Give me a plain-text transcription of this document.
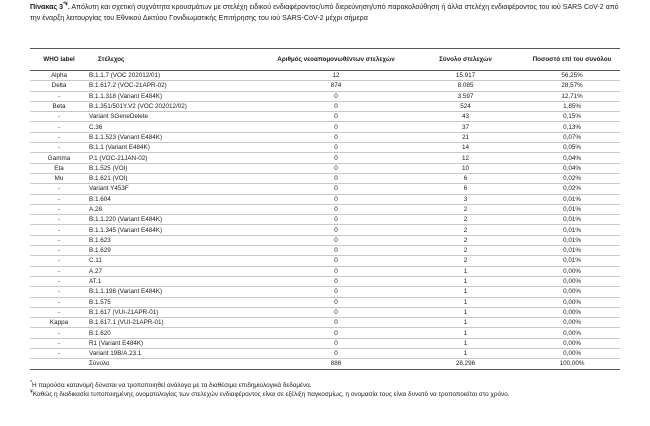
Πίνακας 3*¥. Απόλυτη και σχετική συχνότητα κρουσμάτων με στελέχη ειδικού ενδιαφέροντος/υπό διερεύνηση/υπό παρακολούθηση ή άλλα στελέχη ενδιαφέροντος του ιού SARS CoV-2 από την έναρξη λειτουργίας του Εθνικού Δικτύου Γονιδιωματικής Επιτήρησης του ιού SARS-CoV-2 μέχρι σήμερα
WHO label	Στέλεχος	Αριθμός νεοαπομονωθέντων στελεχών	Σύνολο στελεχών	Ποσοστό επί του συνόλου
Alpha	B.1.1.7 (VOC 202012/01)	12	15.917	56,25%
Delta	B.1.617.2 (VOC-21APR-02)	874	8.085	28,57%
-	B.1.1.318 (Variant E484K)	0	3.597	12,71%
Beta	B.1.351/501Y.V2 (VOC 202012/02)	0	524	1,85%
-	Variant SGeneDelete	0	43	0,15%
-	C.36	0	37	0,13%
-	B.1.1.523 (Variant E484K)	0	21	0,07%
-	B.1.1 (Variant E484K)	0	14	0,05%
Gamma	P.1 (VOC-21JAN-02)	0	12	0,04%
Eta	B.1.525 (VOI)	0	10	0,04%
Mu	B.1.621 (VOI)	0	6	0,02%
-	Variant Y453F	0	6	0,02%
-	B.1.604	0	3	0,01%
-	A.28	0	2	0,01%
-	B.1.1.220 (Variant E484K)	0	2	0,01%
-	B.1.1.345 (Variant E484K)	0	2	0,01%
-	B.1.623	0	2	0,01%
-	B.1.629	0	2	0,01%
-	C.11	0	2	0,01%
-	A.27	0	1	0,00%
-	AT.1	0	1	0,00%
-	B.1.1.198 (Variant E484K)	0	1	0,00%
-	B.1.575	0	1	0,00%
-	B.1.617 (VUI-21APR-01)	0	1	0,00%
Kappa	B.1.617.1 (VUI-21APR-01)	0	1	0,00%
-	B.1.620	0	1	0,00%
-	R1 (Variant E484K)	0	1	0,00%
-	Variant 19B/A.23.1	0	1	0,00%
	Σύνολο	886	28.296	100,00%
*Η παρούσα κατανομή δύναται να τροποποιηθεί ανάλογα με τα διαθέσιμα επιδημιολογικά δεδομένα.
¥Καθώς η διαδικασία τυποποιημένης ονοματολογίας των στελεχών ενδιαφέροντος είναι σε εξέλιξη παγκοσμίως, η ονομασία τους είναι δυνατό να τροποποιείται στο χρόνο.
